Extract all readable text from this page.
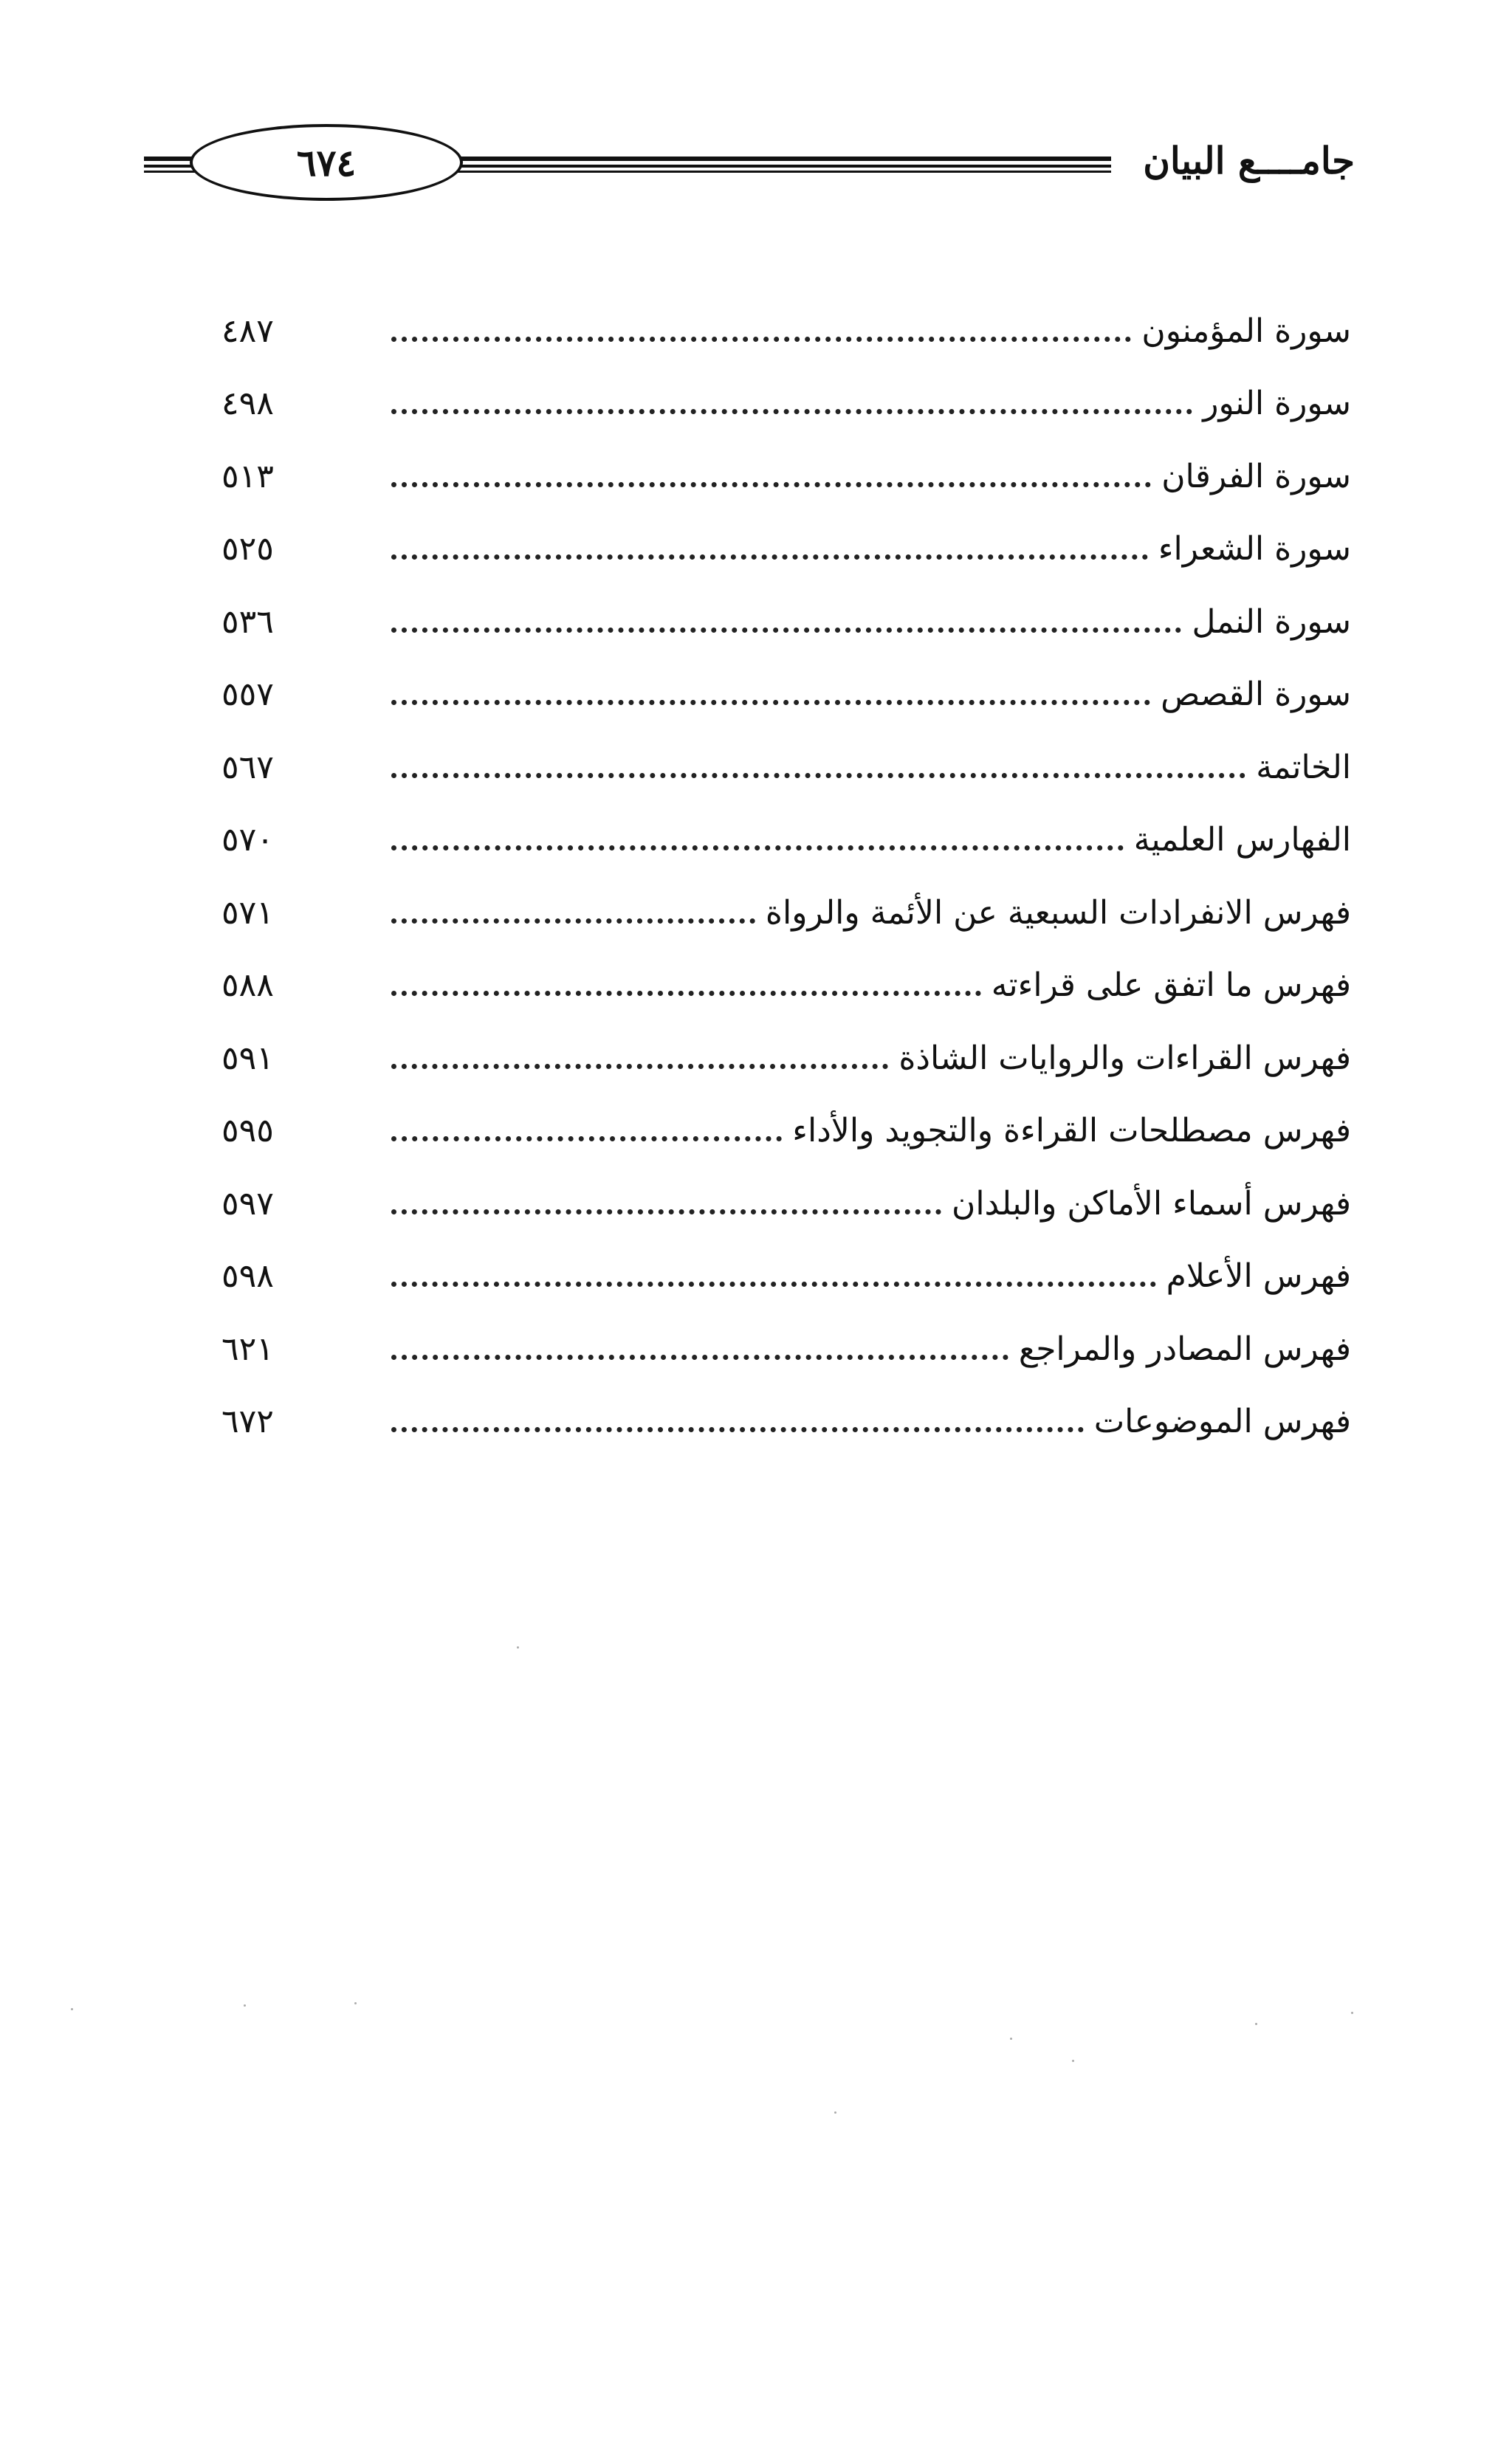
٦٧٤	جامــــع البيان
سورة المؤمنون
٤٨٧
سورة النور
٤٩٨
سورة الفرقان
٥١٣
سورة الشعراء
٥٢٥
سورة النمل
٥٣٦
سورة القصص
٥٥٧
الخاتمة
٥٦٧
الفهارس العلمية
٥٧٠
فهرس الانفرادات السبعية عن الأئمة والرواة
٥٧١
فهرس ما اتفق على قراءته
٥٨٨
فهرس القراءات والروايات الشاذة
٥٩١
فهرس مصطلحات القراءة والتجويد والأداء
٥٩٥
فهرس أسماء الأماكن والبلدان
٥٩٧
فهرس الأعلام
٥٩٨
فهرس المصادر والمراجع
٦٢١
فهرس الموضوعات
٦٧٢
